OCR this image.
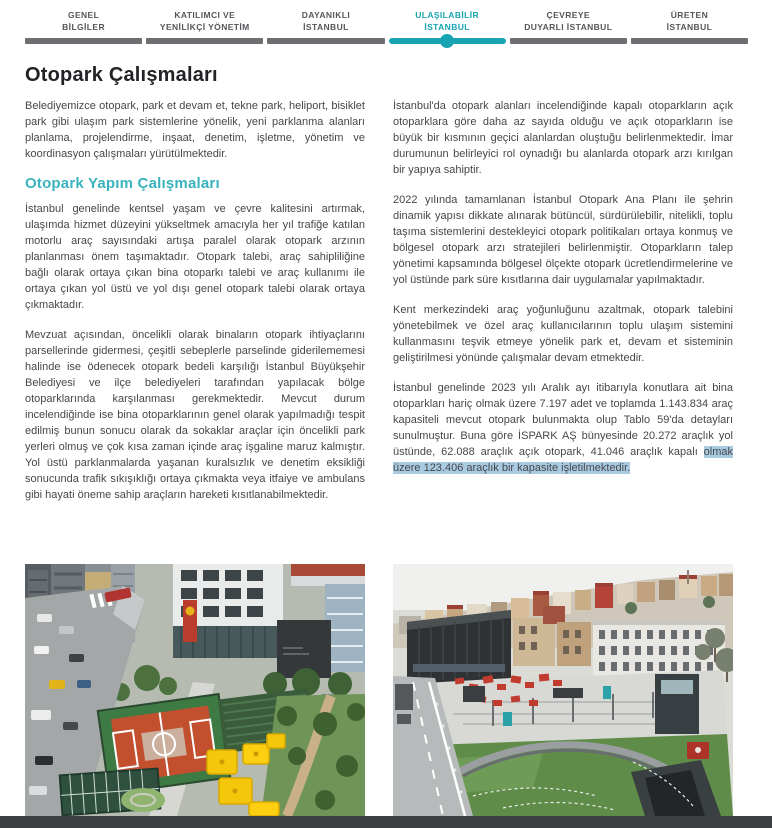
GENEL
BİLGİLER
KATILIMCI VE
YENİLİKÇİ YÖNETİM
DAYANIKLI
İSTANBUL
ULAŞILABİLİR
İSTANBUL
ÇEVREYE
DUYARLI İSTANBUL
ÜRETEN
İSTANBUL
Otopark Çalışmaları

Belediyemizce otopark, park et devam et, tekne park, heliport, bisiklet park gibi ulaşım park sistemlerine yönelik, yeni parklanma alanları planlama, projelendirme, inşaat, denetim, işletme, yönetim ve koordinasyon çalışmaları yürütülmektedir.

Otopark Yapım Çalışmaları

İstanbul genelinde kentsel yaşam ve çevre kalitesini artırmak, ulaşımda hizmet düzeyini yükseltmek amacıyla her yıl trafiğe katılan motorlu araç sayısındaki artışa paralel olarak otopark arzının planlanması önem taşımaktadır. Otopark talebi, araç sahipliliğine bağlı olarak ortaya çıkan bina otoparkı talebi ve araç kullanımı ile ortaya çıkan yol üstü ve yol dışı genel otopark talebi olarak ortaya çıkmaktadır.

Mevzuat açısından, öncelikli olarak binaların otopark ihtiyaçlarını parsellerinde gidermesi, çeşitli sebeplerle parselinde giderilememesi halinde ise ödenecek otopark bedeli karşılığı İstanbul Büyükşehir Belediyesi ve ilçe belediyeleri tarafından yapılacak bölge otoparklarında karşılanması gerekmektedir. Mevcut durum incelendiğinde ise bina otoparklarının genel olarak yapılmadığı tespit edilmiş bunun sonucu olarak da sokaklar araçlar için öncelikli park yerleri olmuş ve çok kısa zaman içinde araç işgaline maruz kalmıştır. Yol üstü parklanmalarda yaşanan kuralsızlık ve denetim eksikliği sonucunda trafik sıkışıklığı ortaya çıkmakta veya itfaiye ve ambulans gibi hayati öneme sahip araçların hareketi kısıtlanabilmektedir.

İstanbul'da otopark alanları incelendiğinde kapalı otoparkların açık otoparklara göre daha az sayıda olduğu ve açık otoparkların ise büyük bir kısmının geçici alanlardan oluştuğu belirlenmektedir. İmar durumunun belirleyici rol oynadığı bu alanlarda otopark arzı kırılgan bir yapıya sahiptir.

2022 yılında tamamlanan İstanbul Otopark Ana Planı ile şehrin dinamik yapısı dikkate alınarak bütüncül, sürdürülebilir, nitelikli, toplu taşıma sistemlerini destekleyici otopark politikaları ortaya konmuş ve bölgesel otopark arzı stratejileri belirlenmiştir. Otoparkların talep yönetimi kapsamında bölgesel ölçekte otopark ücretlendirmelerine ve yol üstünde park süre kısıtlarına dair uygulamalar yapılmaktadır.

Kent merkezindeki araç yoğunluğunu azaltmak, otopark talebini yönetebilmek ve özel araç kullanıcılarının toplu ulaşım sistemini kullanmasını teşvik etmeye yönelik park et, devam et sisteminin geliştirilmesi yönünde çalışmalar devam etmektedir.

İstanbul genelinde 2023 yılı Aralık ayı itibarıyla konutlara ait bina otoparkları hariç olmak üzere 7.197 adet ve toplamda 1.143.834 araç kapasiteli mevcut otopark bulunmakta olup Tablo 59'da detayları sunulmuştur. Buna göre İSPARK AŞ bünyesinde 20.272 araçlık yol üstünde, 62.088 araçlık açık otopark, 41.046 araçlık kapalı olmak üzere 123.406 araçlık bir kapasite işletilmektedir.
